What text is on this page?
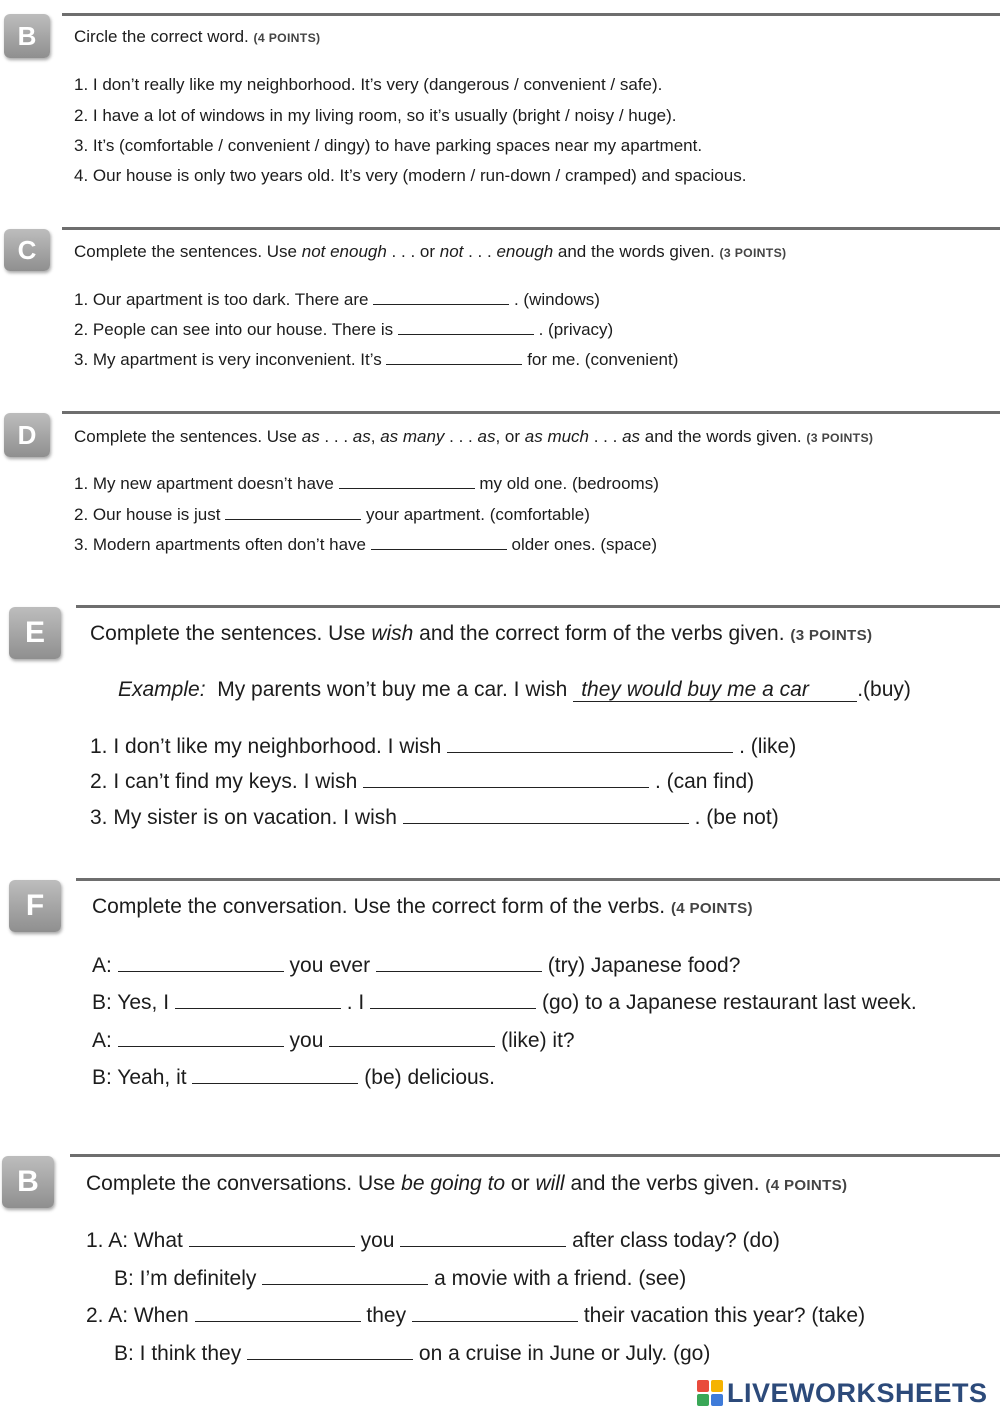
B	Circle the correct word. (4 POINTS)
1. I don’t really like my neighborhood. It’s very (dangerous / convenient / safe).
2. I have a lot of windows in my living room, so it’s usually (bright / noisy / huge).
3. It’s (comfortable / convenient / dingy) to have parking spaces near my apartment.
4. Our house is only two years old. It’s very (modern / run-down / cramped) and spacious.
C	Complete the sentences. Use not enough . . . or not . . . enough and the words given. (3 POINTS)
1. Our apartment is too dark. There are	. (windows)
2. People can see into our house. There is	. (privacy)
3. My apartment is very inconvenient. It’s	for me. (convenient)
D	Complete the sentences. Use as . . . as, as many . . . as, or as much . . . as and the words given. (3 POINTS)
1. My new apartment doesn’t have	my old one. (bedrooms)
2. Our house is just	your apartment. (comfortable)
3. Modern apartments often don’t have	older ones. (space)
E	Complete the sentences. Use wish and the correct form of the verbs given. (3 POINTS)
Example: My parents won’t buy me a car. I wish they would buy me a car .(buy)
1. I don’t like my neighborhood. I wish	. (like)
2. I can’t find my keys. I wish	. (can find)
3. My sister is on vacation. I wish	. (be not)
F	Complete the conversation. Use the correct form of the verbs. (4 POINTS)
A:	you ever	(try) Japanese food?
B: Yes, I	. I	(go) to a Japanese restaurant last week.
A:	you	(like) it?
B: Yeah, it	(be) delicious.
B	Complete the conversations. Use be going to or will and the verbs given. (4 POINTS)
1. A: What	you	after class today? (do)
B: I’m definitely	a movie with a friend. (see)
2. A: When	they	their vacation this year? (take)
B: I think they	on a cruise in June or July. (go)
LIVEWORKSHEETS
